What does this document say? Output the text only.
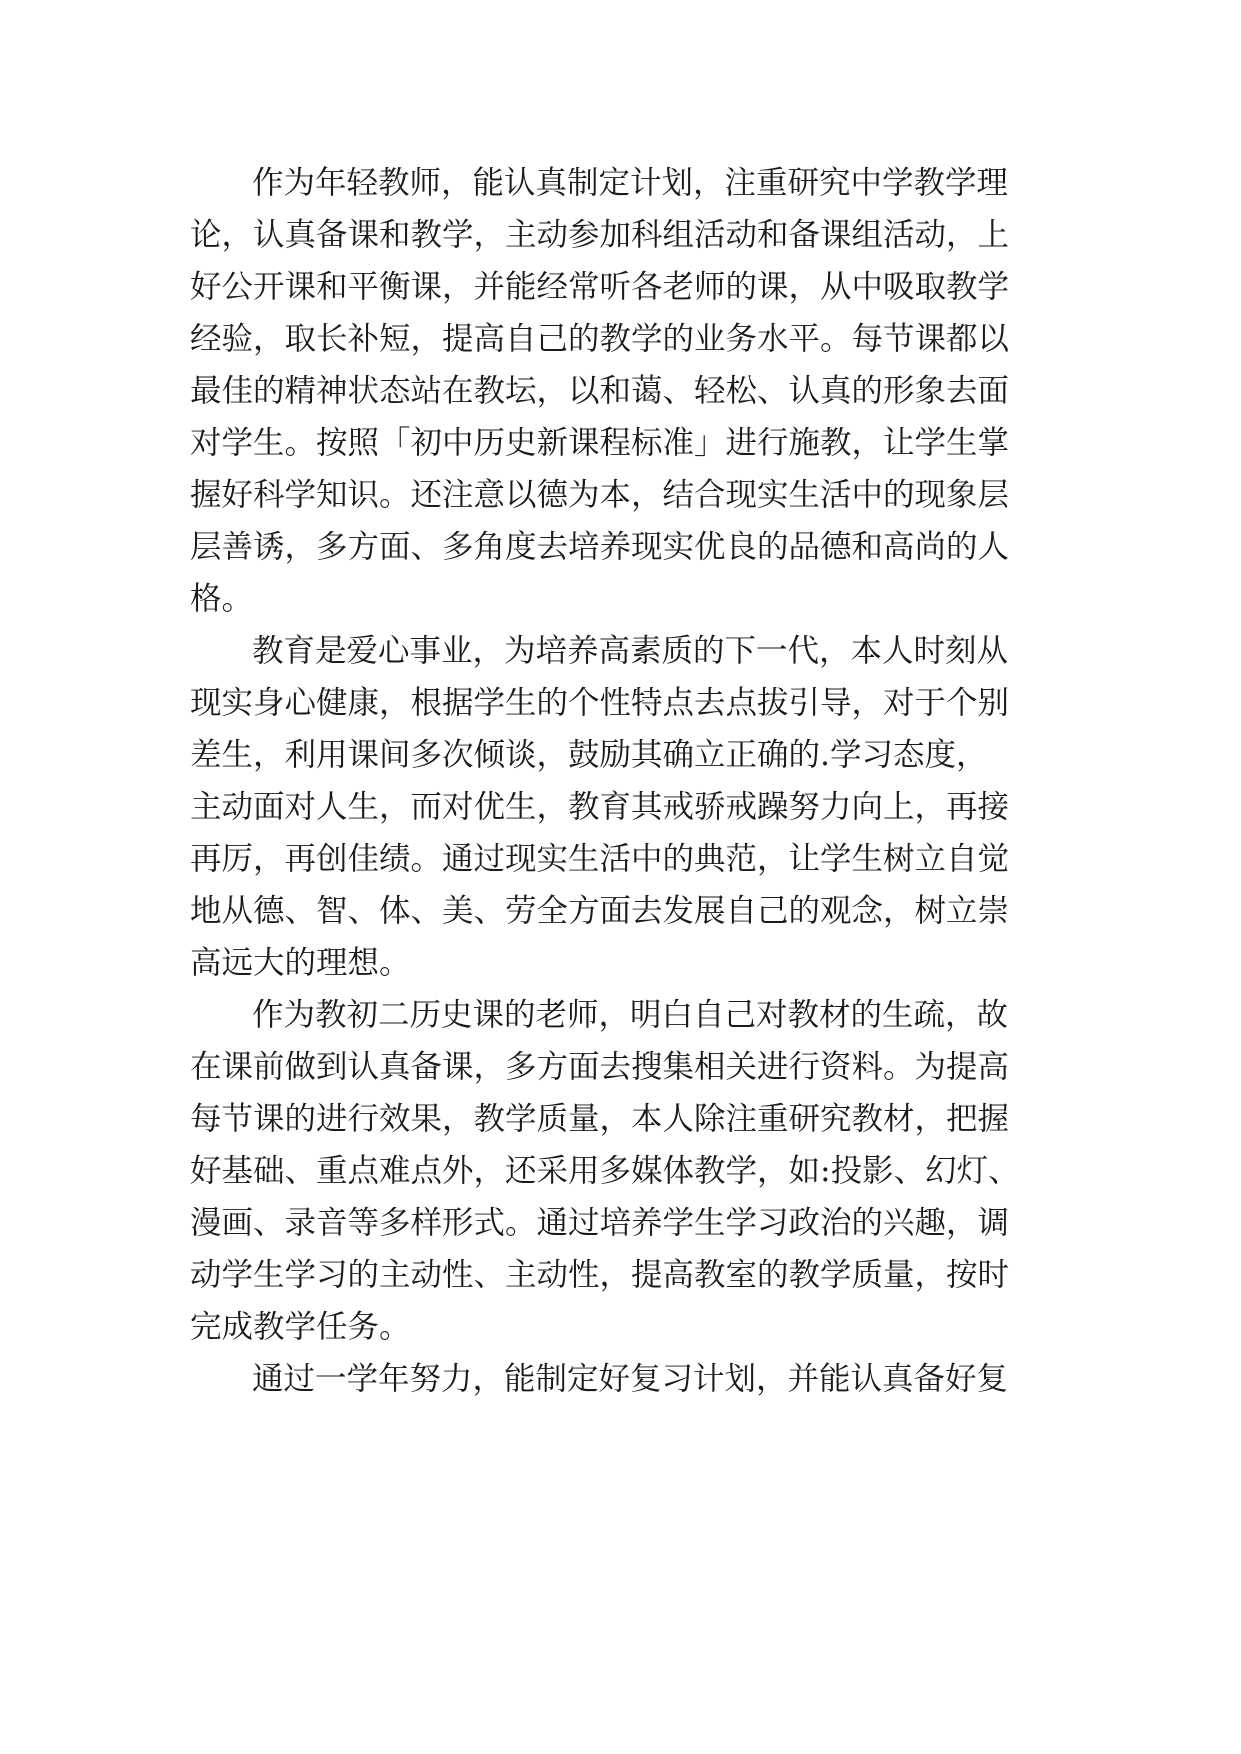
作为年轻教师，能认真制定计划，注重研究中学教学理
论，认真备课和教学，主动参加科组活动和备课组活动，上
好公开课和平衡课，并能经常听各老师的课，从中吸取教学
经验，取长补短，提高自己的教学的业务水平。每节课都以
最佳的精神状态站在教坛，以和蔼、轻松、认真的形象去面
对学生。按照「初中历史新课程标准」进行施教，让学生掌
握好科学知识。还注意以德为本，结合现实生活中的现象层
层善诱，多方面、多角度去培养现实优良的品德和高尚的人
格。
教育是爱心事业，为培养高素质的下一代，本人时刻从
现实身心健康，根据学生的个性特点去点拔引导，对于个别
差生，利用课间多次倾谈，鼓励其确立正确的.学习态度，
主动面对人生，而对优生，教育其戒骄戒躁努力向上，再接
再厉，再创佳绩。通过现实生活中的典范，让学生树立自觉
地从德、智、体、美、劳全方面去发展自己的观念，树立崇
高远大的理想。
作为教初二历史课的老师，明白自己对教材的生疏，故
在课前做到认真备课，多方面去搜集相关进行资料。为提高
每节课的进行效果，教学质量，本人除注重研究教材，把握
好基础、重点难点外，还采用多媒体教学，如:投影、幻灯、
漫画、录音等多样形式。通过培养学生学习政治的兴趣，调
动学生学习的主动性、主动性，提高教室的教学质量，按时
完成教学任务。
通过一学年努力，能制定好复习计划，并能认真备好复
